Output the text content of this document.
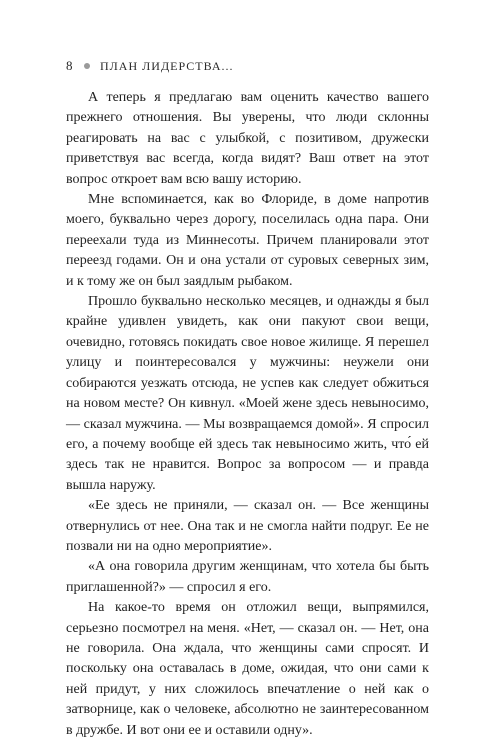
8	ПЛАН ЛИДЕРСТВА...

А теперь я предлагаю вам оценить качество вашего прежнего отношения. Вы уверены, что люди склонны реагировать на вас с улыбкой, с позитивом, дружески приветствуя вас всегда, когда видят? Ваш ответ на этот вопрос откроет вам всю вашу историю.

Мне вспоминается, как во Флориде, в доме напротив моего, буквально через дорогу, поселилась одна пара. Они переехали туда из Миннесоты. Причем планировали этот переезд годами. Он и она устали от суровых северных зим, и к тому же он был заядлым рыбаком.

Прошло буквально несколько месяцев, и однажды я был крайне удивлен увидеть, как они пакуют свои вещи, очевидно, готовясь покидать свое новое жилище. Я перешел улицу и поинтересовался у мужчины: неужели они собираются уезжать отсюда, не успев как следует обжиться на новом месте? Он кивнул. «Моей жене здесь невыносимо, — сказал мужчина. — Мы возвращаемся домой». Я спросил его, а почему вообще ей здесь так невыносимо жить, что́ ей здесь так не нравится. Вопрос за вопросом — и правда вышла наружу.

«Ее здесь не приняли, — сказал он. — Все женщины отвернулись от нее. Она так и не смогла найти подруг. Ее не позвали ни на одно мероприятие».

«А она говорила другим женщинам, что хотела бы быть приглашенной?» — спросил я его.

На какое-то время он отложил вещи, выпрямился, серьезно посмотрел на меня. «Нет, — сказал он. — Нет, она не говорила. Она ждала, что женщины сами спросят. И поскольку она оставалась в доме, ожидая, что они сами к ней придут, у них сложилось впечатление о ней как о затворнице, как о человеке, абсолютно не заинтересованном в дружбе. И вот они ее и оставили одну».
